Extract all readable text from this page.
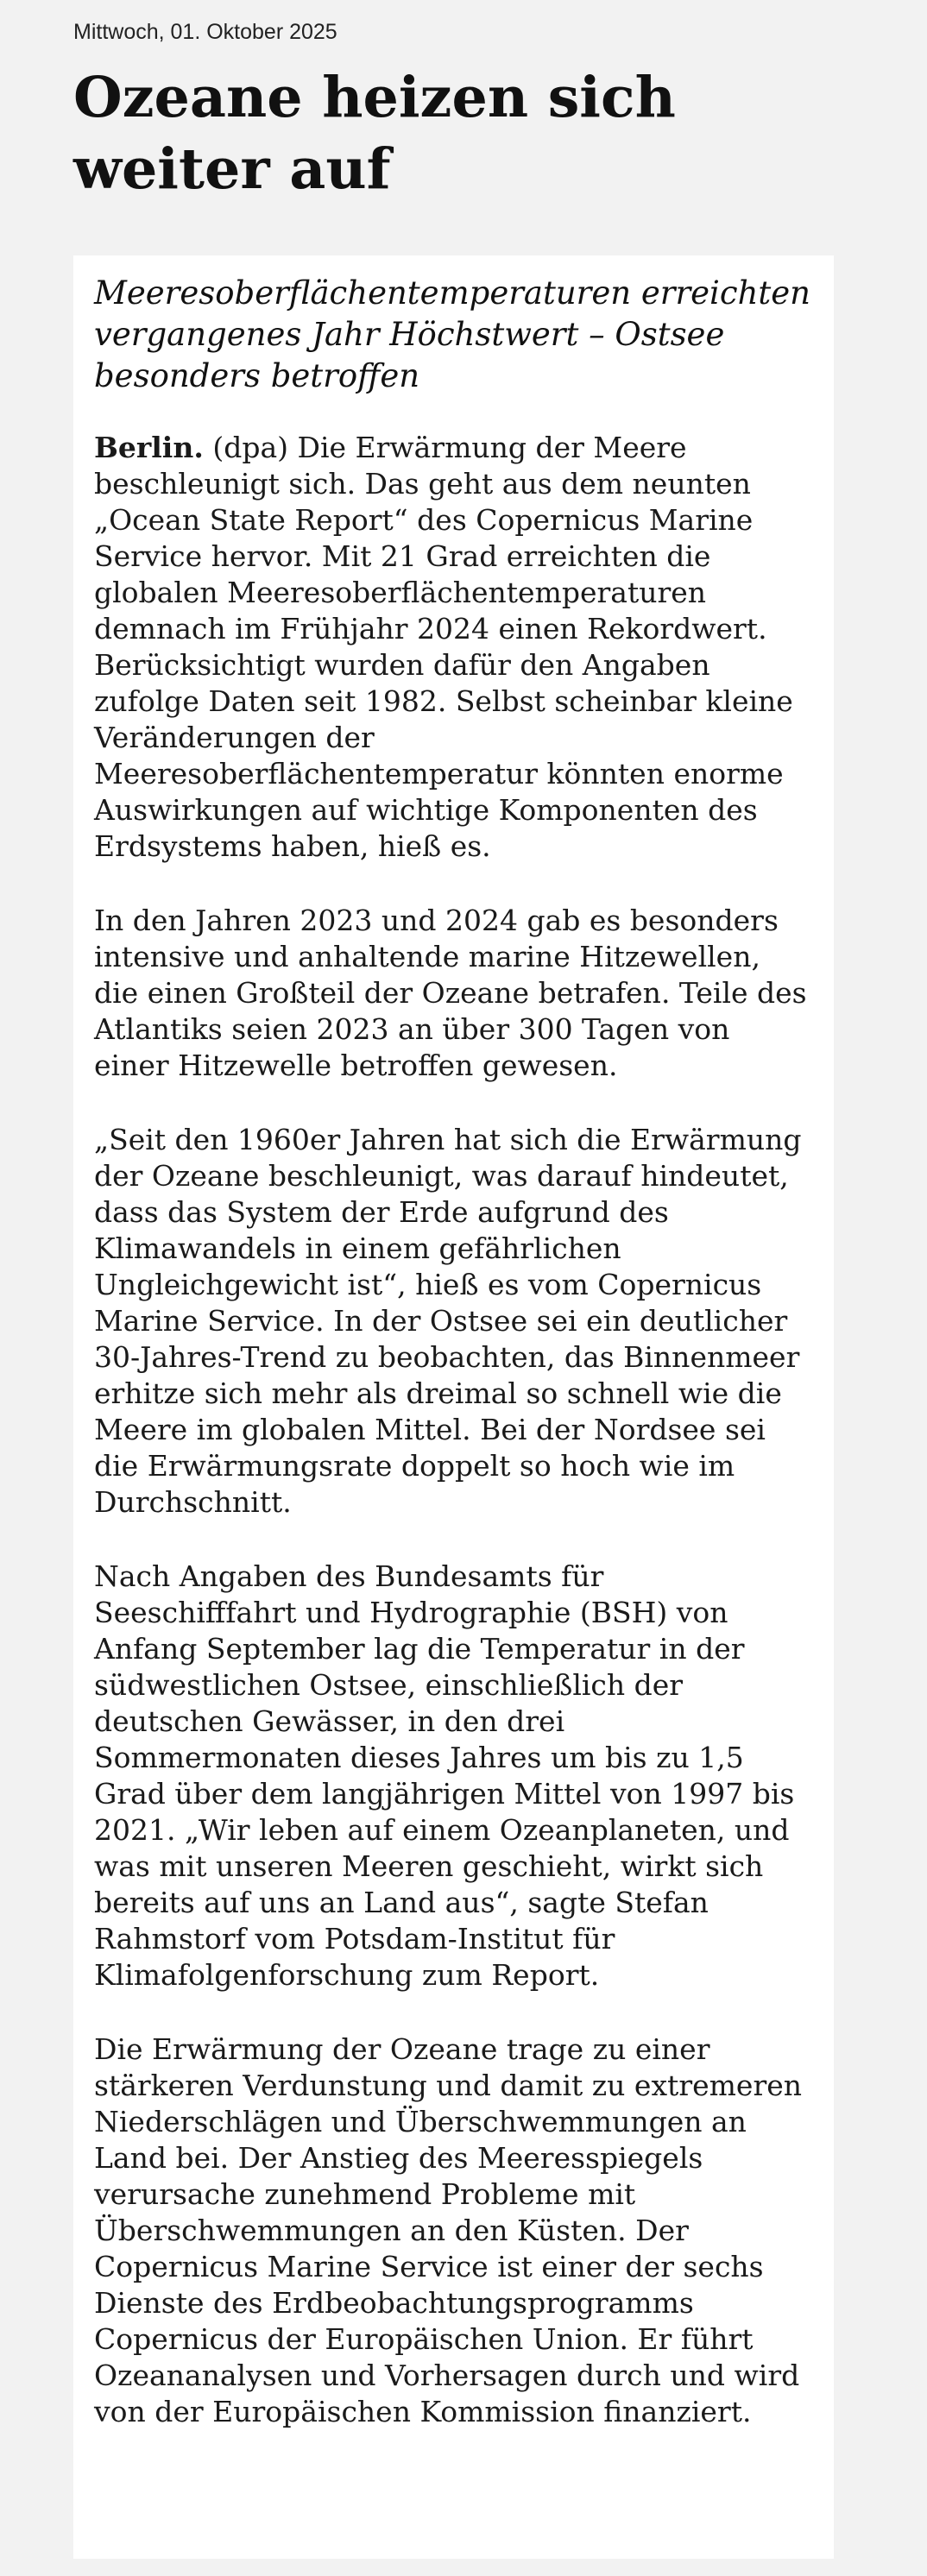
Mittwoch, 01. Oktober 2025
Ozeane heizen sich weiter auf

Meeresoberflächentemperaturen erreichten vergangenes Jahr Höchstwert – Ostsee besonders betroffen

Berlin. (dpa) Die Erwärmung der Meere beschleunigt sich. Das geht aus dem neunten „Ocean State Report“ des Copernicus Marine Service hervor. Mit 21 Grad erreichten die globalen Meeresoberflächentemperaturen demnach im Frühjahr 2024 einen Rekordwert. Berücksichtigt wurden dafür den Angaben zufolge Daten seit 1982. Selbst scheinbar kleine Veränderungen der Meeresoberflächentemperatur könnten enorme Auswirkungen auf wichtige Komponenten des Erdsystems haben, hieß es.

In den Jahren 2023 und 2024 gab es besonders intensive und anhaltende marine Hitzewellen, die einen Großteil der Ozeane betrafen. Teile des Atlantiks seien 2023 an über 300 Tagen von einer Hitzewelle betroffen gewesen.

„Seit den 1960er Jahren hat sich die Erwärmung der Ozeane beschleunigt, was darauf hindeutet, dass das System der Erde aufgrund des Klimawandels in einem gefährlichen Ungleichgewicht ist“, hieß es vom Copernicus Marine Service. In der Ostsee sei ein deutlicher 30-Jahres-Trend zu beobachten, das Binnenmeer erhitze sich mehr als dreimal so schnell wie die Meere im globalen Mittel. Bei der Nordsee sei die Erwärmungsrate doppelt so hoch wie im Durchschnitt.

Nach Angaben des Bundesamts für Seeschifffahrt und Hydrographie (BSH) von Anfang September lag die Temperatur in der südwestlichen Ostsee, einschließlich der deutschen Gewässer, in den drei Sommermonaten dieses Jahres um bis zu 1,5 Grad über dem langjährigen Mittel von 1997 bis 2021. „Wir leben auf einem Ozeanplaneten, und was mit unseren Meeren geschieht, wirkt sich bereits auf uns an Land aus“, sagte Stefan Rahmstorf vom Potsdam-Institut für Klimafolgenforschung zum Report.

Die Erwärmung der Ozeane trage zu einer stärkeren Verdunstung und damit zu extremeren Niederschlägen und Überschwemmungen an Land bei. Der Anstieg des Meeresspiegels verursache zunehmend Probleme mit Überschwemmungen an den Küsten. Der Copernicus Marine Service ist einer der sechs Dienste des Erdbeobachtungsprogramms Copernicus der Europäischen Union. Er führt Ozeananalysen und Vorhersagen durch und wird von der Europäischen Kommission finanziert.
